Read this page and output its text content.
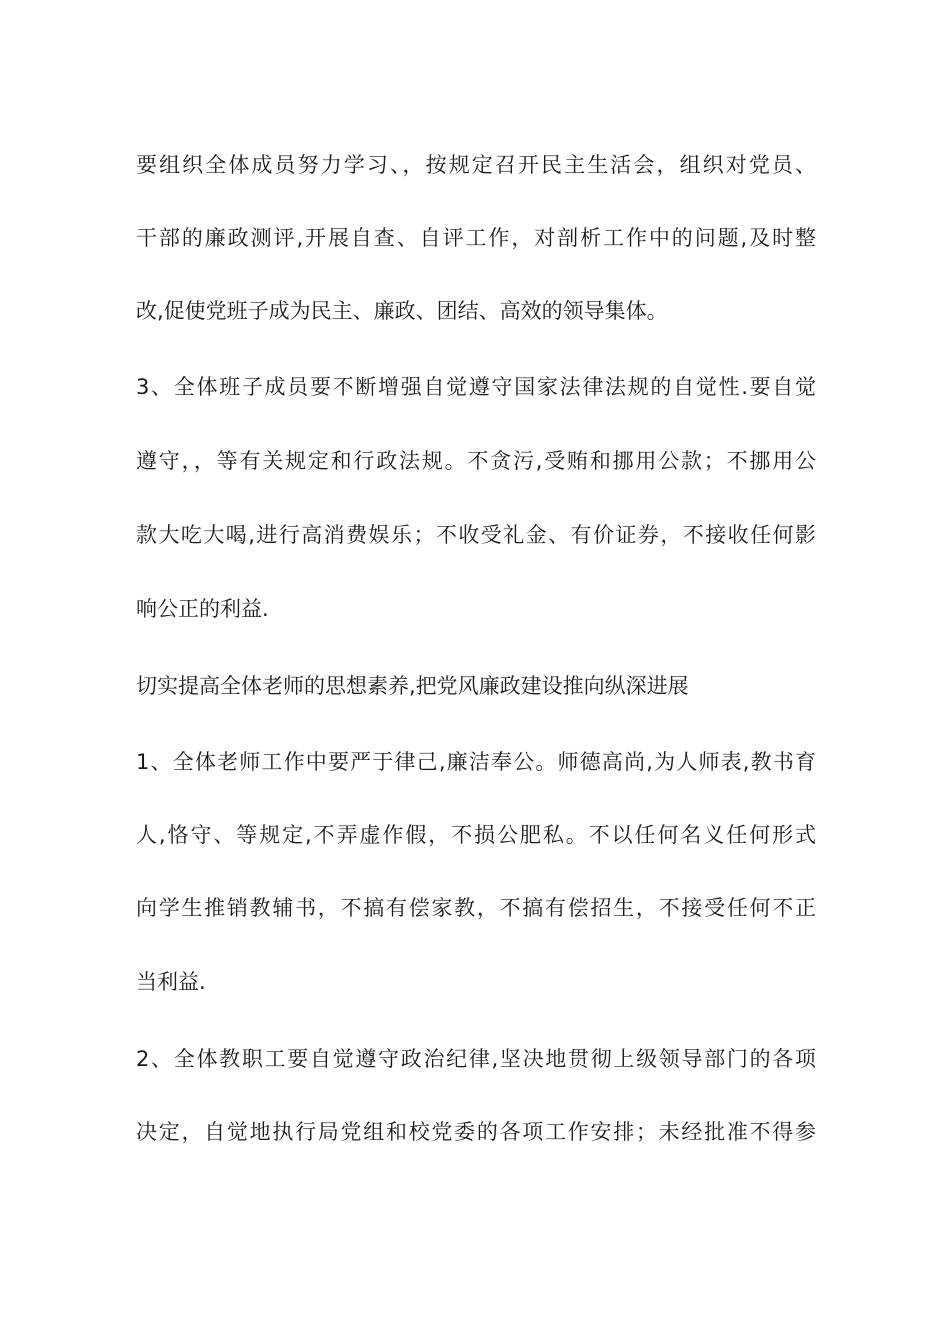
要组织全体成员努力学习、，按规定召开民主生活会，组织对党员、
干部的廉政测评,开展自查、自评工作，对剖析工作中的问题,及时整
改,促使党班子成为民主、廉政、团结、高效的领导集体。
3、全体班子成员要不断增强自觉遵守国家法律法规的自觉性.要自觉
遵守，，等有关规定和行政法规。不贪污,受贿和挪用公款；不挪用公
款大吃大喝,进行高消费娱乐；不收受礼金、有价证券，不接收任何影
响公正的利益.
切实提高全体老师的思想素养,把党风廉政建设推向纵深进展
1、全体老师工作中要严于律己,廉洁奉公。师德高尚,为人师表,教书育
人,恪守、等规定,不弄虚作假，不损公肥私。不以任何名义任何形式
向学生推销教辅书，不搞有偿家教，不搞有偿招生，不接受任何不正
当利益.
2、全体教职工要自觉遵守政治纪律,坚决地贯彻上级领导部门的各项
决定，自觉地执行局党组和校党委的各项工作安排；未经批准不得参
